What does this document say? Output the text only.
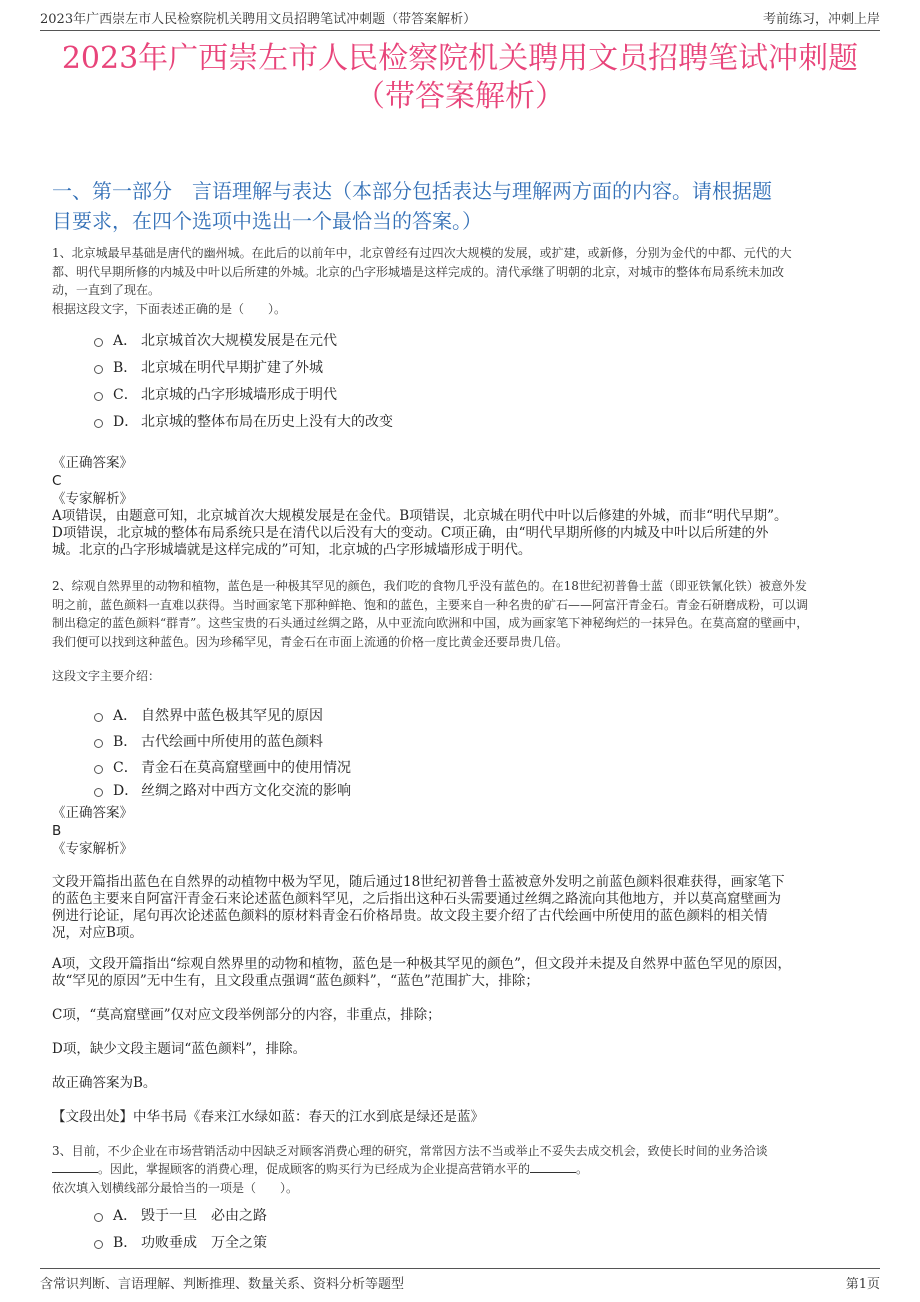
2023年广西崇左市人民检察院机关聘用文员招聘笔试冲刺题（带答案解析）	考前练习，冲刺上岸
2023年广西崇左市人民检察院机关聘用文员招聘笔试冲刺题
（带答案解析）
一、第一部分　言语理解与表达（本部分包括表达与理解两方面的内容。请根据题
目要求，在四个选项中选出一个最恰当的答案。）
1、北京城最早基础是唐代的幽州城。在此后的以前年中，北京曾经有过四次大规模的发展，或扩建，或新修，分别为金代的中都、元代的大
都、明代早期所修的内城及中叶以后所建的外城。北京的凸字形城墙是这样完成的。清代承继了明朝的北京，对城市的整体布局系统未加改
动，一直到了现在。
根据这段文字，下面表述正确的是（　　）。
A． 北京城首次大规模发展是在元代
B． 北京城在明代早期扩建了外城
C． 北京城的凸字形城墙形成于明代
D． 北京城的整体布局在历史上没有大的改变
《正确答案》
C
《专家解析》
A项错误，由题意可知，北京城首次大规模发展是在金代。B项错误，北京城在明代中叶以后修建的外城，而非“明代早期”。
D项错误，北京城的整体布局系统只是在清代以后没有大的变动。C项正确，由“明代早期所修的内城及中叶以后所建的外
城。北京的凸字形城墙就是这样完成的”可知，北京城的凸字形城墙形成于明代。
2、综观自然界里的动物和植物，蓝色是一种极其罕见的颜色，我们吃的食物几乎没有蓝色的。在18世纪初普鲁士蓝（即亚铁氰化铁）被意外发
明之前，蓝色颜料一直难以获得。当时画家笔下那种鲜艳、饱和的蓝色，主要来自一种名贵的矿石——阿富汗青金石。青金石研磨成粉，可以调
制出稳定的蓝色颜料“群青”。这些宝贵的石头通过丝绸之路，从中亚流向欧洲和中国，成为画家笔下神秘绚烂的一抹异色。在莫高窟的壁画中，
我们便可以找到这种蓝色。因为珍稀罕见，青金石在市面上流通的价格一度比黄金还要昂贵几倍。
这段文字主要介绍：
A． 自然界中蓝色极其罕见的原因
B． 古代绘画中所使用的蓝色颜料
C． 青金石在莫高窟壁画中的使用情况
D． 丝绸之路对中西方文化交流的影响
《正确答案》
B
《专家解析》
文段开篇指出蓝色在自然界的动植物中极为罕见，随后通过18世纪初普鲁士蓝被意外发明之前蓝色颜料很难获得，画家笔下
的蓝色主要来自阿富汗青金石来论述蓝色颜料罕见，之后指出这种石头需要通过丝绸之路流向其他地方，并以莫高窟壁画为
例进行论证，尾句再次论述蓝色颜料的原材料青金石价格昂贵。故文段主要介绍了古代绘画中所使用的蓝色颜料的相关情
况，对应B项。
A项，文段开篇指出“综观自然界里的动物和植物，蓝色是一种极其罕见的颜色”，但文段并未提及自然界中蓝色罕见的原因，
故“罕见的原因”无中生有，且文段重点强调“蓝色颜料”，“蓝色”范围扩大，排除；
C项，“莫高窟壁画”仅对应文段举例部分的内容，非重点，排除；
D项，缺少文段主题词“蓝色颜料”，排除。
故正确答案为B。
【文段出处】中华书局《春来江水绿如蓝：春天的江水到底是绿还是蓝》
3、目前，不少企业在市场营销活动中因缺乏对顾客消费心理的研究，常常因方法不当或举止不妥失去成交机会，致使长时间的业务洽谈
。因此，掌握顾客的消费心理，促成顾客的购买行为已经成为企业提高营销水平的	。
依次填入划横线部分最恰当的一项是（　　）。
A． 毁于一旦　必由之路
B． 功败垂成　万全之策
含常识判断、言语理解、判断推理、数量关系、资料分析等题型	第1页
